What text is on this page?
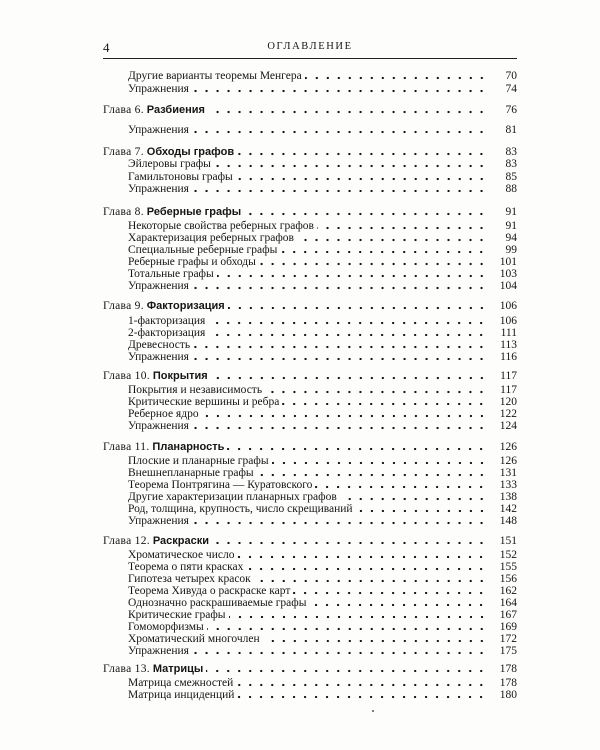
4	ОГЛАВЛЕНИЕ
Другие варианты теоремы Менгера	70
Упражнения	74
Глава 6. Разбиения	76
Упражнения	81
Глава 7. Обходы графов	83
Эйлеровы графы	83
Гамильтоновы графы	85
Упражнения	88
Глава 8. Реберные графы	91
Некоторые свойства реберных графов	91
Характеризация реберных графов	94
Специальные реберные графы	99
Реберные графы и обходы	101
Тотальные графы	103
Упражнения	104
Глава 9. Факторизация	106
1-факторизация	106
2-факторизация	111
Древесность	113
Упражнения	116
Глава 10. Покрытия	117
Покрытия и независимость	117
Критические вершины и ребра	120
Реберное ядро	122
Упражнения	124
Глава 11. Планарность	126
Плоские и планарные графы	126
Внешнепланарные графы	131
Теорема Понтрягина — Куратовского	133
Другие характеризации планарных графов	138
Род, толщина, крупность, число скрещиваний	142
Упражнения	148
Глава 12. Раскраски	151
Хроматическое число	152
Теорема о пяти красках	155
Гипотеза четырех красок	156
Теорема Хивуда о раскраске карт	162
Однозначно раскрашиваемые графы	164
Критические графы	167
Гомоморфизмы	169
Хроматический многочлен	172
Упражнения	175
Глава 13. Матрицы	178
Матрица смежностей	178
Матрица инциденций	180
